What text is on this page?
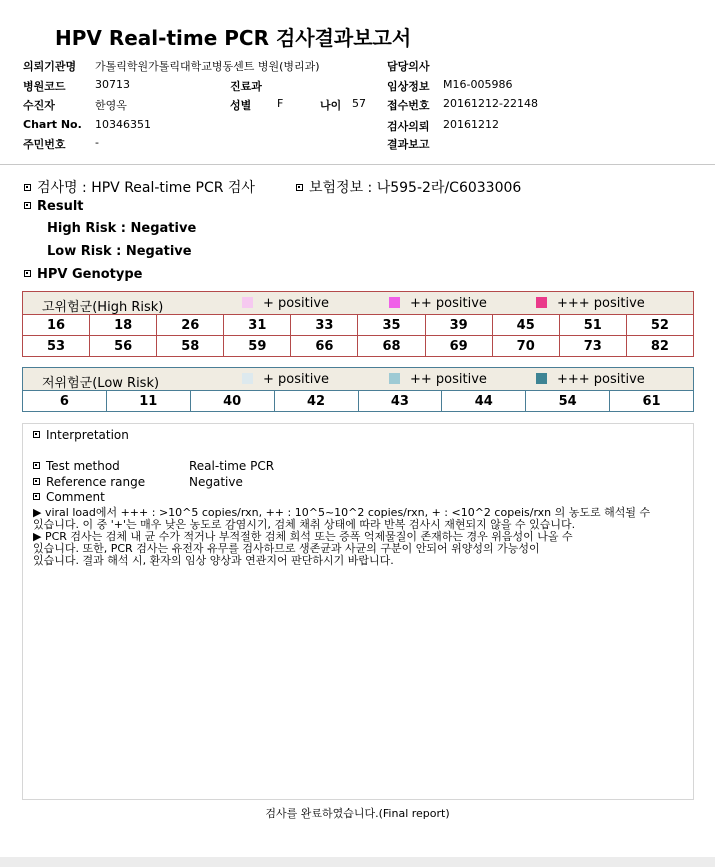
HPV Real-time PCR 검사결과보고서
의뢰기관명 가톨릭학원가톨릭대학교병동센트 병원(병리과)	담당의사
병원코드	30713	진료과	임상정보 M16-005986
수진자	한영옥	성별 F	나이 57 접수번호 20161212-22148
Chart No. 10346351	검사의뢰 20161212
주민번호	-	결과보고
검사명 : HPV Real-time PCR 검사	보험정보 : 나595-2라/C6033006
Result
High Risk : Negative
Low Risk : Negative
HPV Genotype
고위험군(High Risk)	+ positive	++ positive	+++ positive
16	18	26	31	33	35	39	45	51	52
53	56	58	59	66	68	69	70	73	82
저위험군(Low Risk)	+ positive	++ positive	+++ positive
6	11	40	42	43	44	54	61
Interpretation
Test method	Real-time PCR
Reference range	Negative
Comment
▶ viral load에서 +++ : >10^5 copies/rxn, ++ : 10^5~10^2 copies/rxn, + : <10^2 copeis/rxn 의 농도로 해석될 수
있습니다. 이 중 '+'는 매우 낮은 농도로 감염시기, 검체 채취 상태에 따라 반복 검사시 재현되지 않을 수 있습니다.
▶ PCR 검사는 검체 내 균 수가 적거나 부적절한 검체 희석 또는 증폭 억제물질이 존재하는 경우 위음성이 나올 수
있습니다. 또한, PCR 검사는 유전자 유무를 검사하므로 생존균과 사균의 구분이 안되어 위양성의 가능성이
있습니다. 결과 해석 시, 환자의 임상 양상과 연관지어 판단하시기 바랍니다.
검사를 완료하였습니다.(Final report)
